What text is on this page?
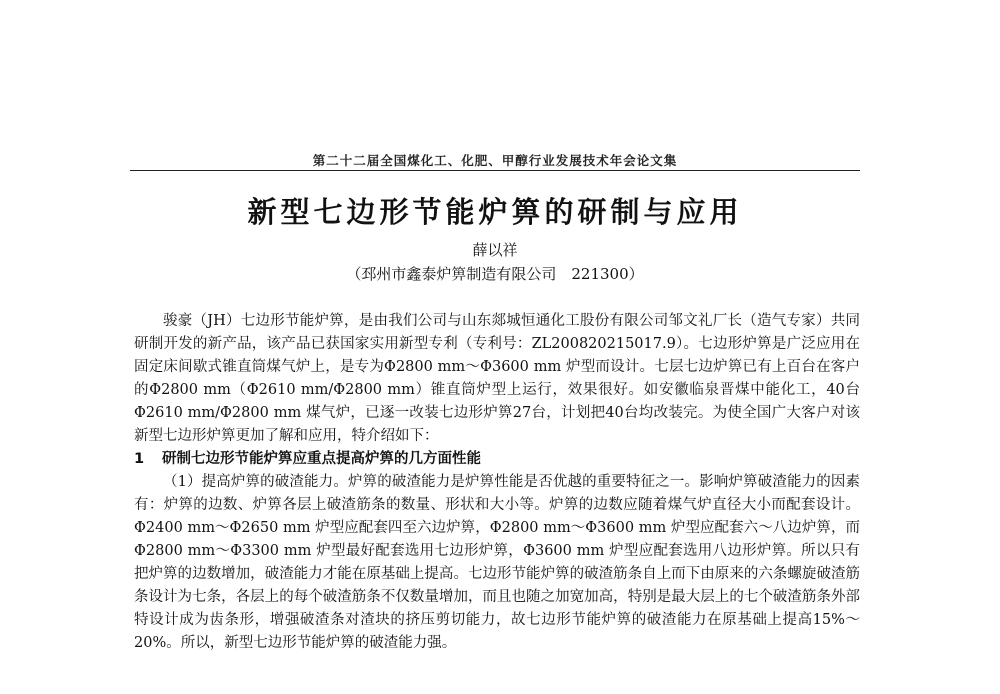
第二十二届全国煤化工、化肥、甲醇行业发展技术年会论文集
新型七边形节能炉箅的研制与应用
薛以祥
（邳州市鑫泰炉箅制造有限公司　221300）

骏豪（JH）七边形节能炉箅，是由我们公司与山东郯城恒通化工股份有限公司邹文礼厂长（造气专家）共同研制开发的新产品，该产品已获国家实用新型专利（专利号：ZL200820215017.9）。七边形炉箅是广泛应用在固定床间歇式锥直筒煤气炉上，是专为Φ2800 mm～Φ3600 mm 炉型而设计。七层七边炉箅已有上百台在客户的Φ2800 mm（Φ2610 mm/Φ2800 mm）锥直筒炉型上运行，效果很好。如安徽临泉晋煤中能化工，40台Φ2610 mm/Φ2800 mm 煤气炉，已逐一改装七边形炉箅27台，计划把40台均改装完。为使全国广大客户对该新型七边形炉箅更加了解和应用，特介绍如下：

1 研制七边形节能炉箅应重点提高炉箅的几方面性能

（1）提高炉箅的破渣能力。炉箅的破渣能力是炉箅性能是否优越的重要特征之一。影响炉箅破渣能力的因素有：炉箅的边数、炉箅各层上破渣筋条的数量、形状和大小等。炉箅的边数应随着煤气炉直径大小而配套设计。Φ2400 mm～Φ2650 mm 炉型应配套四至六边炉箅，Φ2800 mm～Φ3600 mm 炉型应配套六～八边炉箅，而Φ2800 mm～Φ3300 mm 炉型最好配套选用七边形炉箅，Φ3600 mm 炉型应配套选用八边形炉箅。所以只有把炉箅的边数增加，破渣能力才能在原基础上提高。七边形节能炉箅的破渣筋条自上而下由原来的六条螺旋破渣筋条设计为七条，各层上的每个破渣筋条不仅数量增加，而且也随之加宽加高，特别是最大层上的七个破渣筋条外部特设计成为齿条形，增强破渣条对渣块的挤压剪切能力，故七边形节能炉箅的破渣能力在原基础上提高15%～20%。所以，新型七边形节能炉箅的破渣能力强。
